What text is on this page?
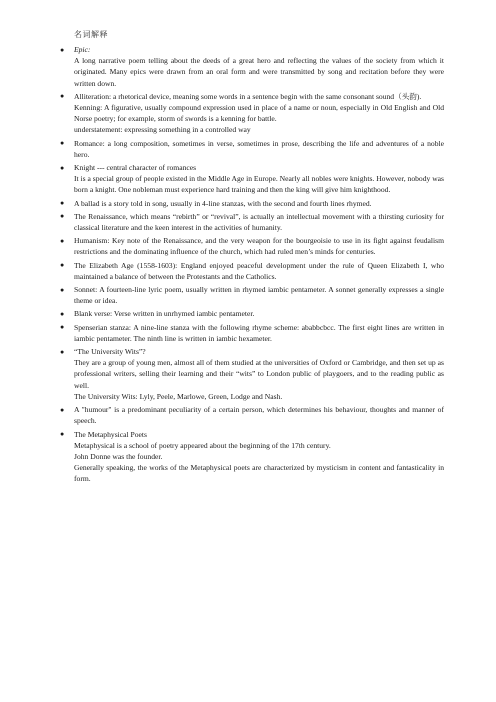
名词解释
● Epic:
A long narrative poem telling about the deeds of a great hero and reflecting the values of the society from which it originated. Many epics were drawn from an oral form and were transmitted by song and recitation before they were written down.
● Alliteration: a rhetorical device, meaning some words in a sentence begin with the same consonant sound（头韵).
Kenning: A figurative, usually compound expression used in place of a name or noun, especially in Old English and Old Norse poetry; for example, storm of swords is a kenning for battle.
understatement: expressing something in a controlled way
● Romance: a long composition, sometimes in verse, sometimes in prose, describing the life and adventures of a noble hero.
● Knight --- central character of romances
It is a special group of people existed in the Middle Age in Europe. Nearly all nobles were knights. However, nobody was born a knight. One nobleman must experience hard training and then the king will give him knighthood.
● A ballad is a story told in song, usually in 4-line stanzas, with the second and fourth lines rhymed.
● The Renaissance, which means “rebirth” or “revival”, is actually an intellectual movement with a thirsting curiosity for classical literature and the keen interest in the activities of humanity.
● Humanism: Key note of the Renaissance, and the very weapon for the bourgeoisie to use in its fight against feudalism restrictions and the dominating influence of the church, which had ruled men’s minds for centuries.
● The Elizabeth Age (1558-1603): England enjoyed peaceful development under the rule of Queen Elizabeth I, who maintained a balance of between the Protestants and the Catholics.
● Sonnet: A fourteen-line lyric poem, usually written in rhymed iambic pentameter. A sonnet generally expresses a single theme or idea.
● Blank verse: Verse written in unrhymed iambic pentameter.
● Spenserian stanza: A nine-line stanza with the following rhyme scheme: ababbcbcc. The first eight lines are written in iambic pentameter. The ninth line is written in iambic hexameter.
● “The University Wits”?
They are a group of young men, almost all of them studied at the universities of Oxford or Cambridge, and then set up as professional writers, selling their learning and their “wits” to London public of playgoers, and to the reading public as well.
The University Wits: Lyly, Peele, Marlowe, Green, Lodge and Nash.
● A "humour" is a predominant peculiarity of a certain person, which determines his behaviour, thoughts and manner of speech.
● The Metaphysical Poets
Metaphysical is a school of poetry appeared about the beginning of the 17th century.
John Donne was the founder.
Generally speaking, the works of the Metaphysical poets are characterized by mysticism in content and fantasticality in form.
